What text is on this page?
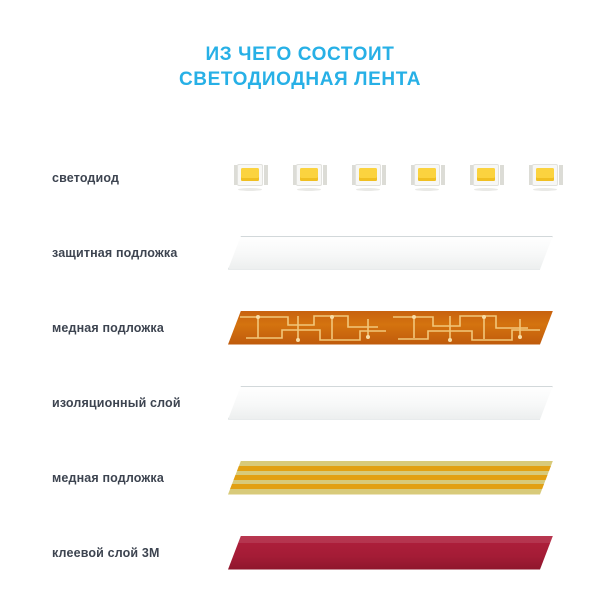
ИЗ ЧЕГО СОСТОИТ
СВЕТОДИОДНАЯ ЛЕНТА
светодиод
защитная подложка
медная подложка
изоляционный слой
медная подложка
клеевой слой 3М
